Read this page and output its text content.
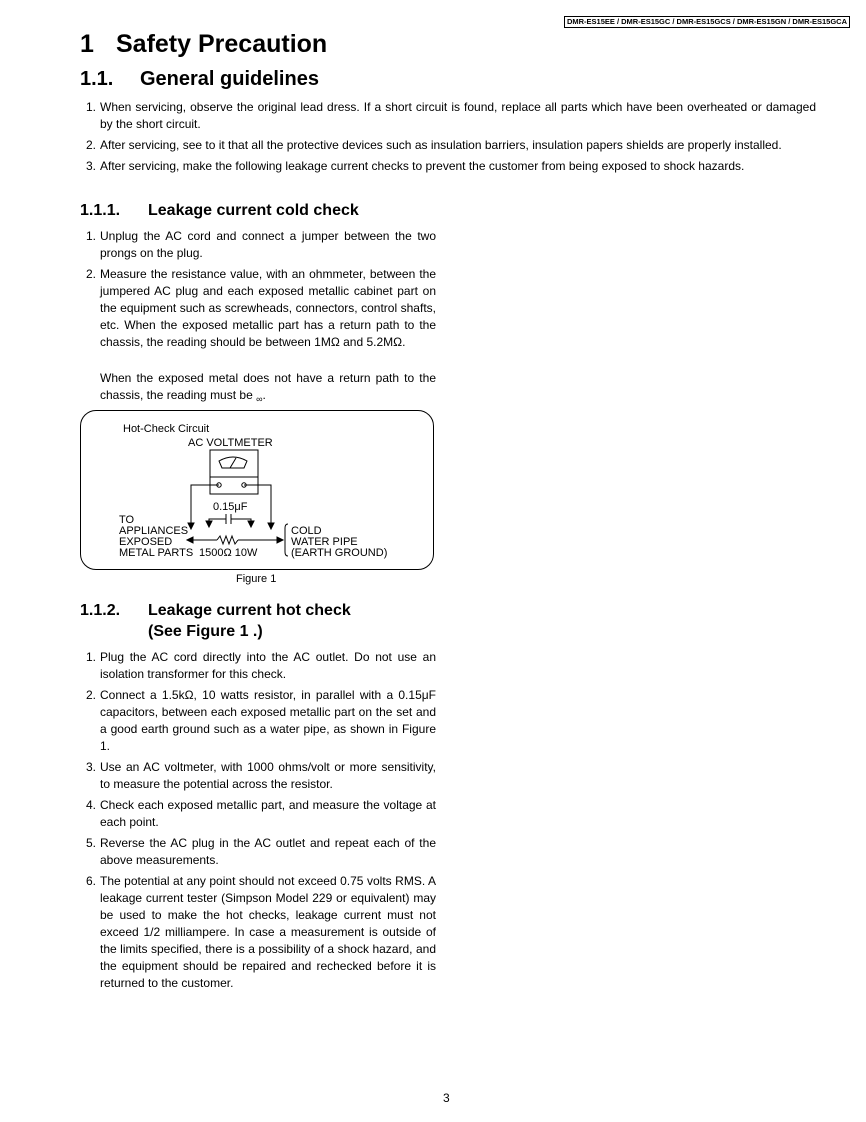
DMR-ES15EE / DMR-ES15GC / DMR-ES15GCS / DMR-ES15GN / DMR-ES15GCA
1 Safety Precaution
1.1. General guidelines
1. When servicing, observe the original lead dress. If a short circuit is found, replace all parts which have been overheated or damaged by the short circuit.
2. After servicing, see to it that all the protective devices such as insulation barriers, insulation papers shields are properly installed.
3. After servicing, make the following leakage current checks to prevent the customer from being exposed to shock hazards.
1.1.1. Leakage current cold check
1. Unplug the AC cord and connect a jumper between the two prongs on the plug.
2. Measure the resistance value, with an ohmmeter, between the jumpered AC plug and each exposed metallic cabinet part on the equipment such as screwheads, connectors, control shafts, etc. When the exposed metallic part has a return path to the chassis, the reading should be between 1MΩ and 5.2MΩ.

When the exposed metal does not have a return path to the chassis, the reading must be $_\infty$.

Hot-Check Circuit
AC VOLTMETER
0.15μF
TO
APPLIANCES
EXPOSED
METAL PARTS 1500Ω 10W
COLD
WATER PIPE
(EARTH GROUND)
Figure 1
1.1.2. Leakage current hot check
(See Figure 1 .)
1. Plug the AC cord directly into the AC outlet. Do not use an isolation transformer for this check.
2. Connect a 1.5kΩ, 10 watts resistor, in parallel with a 0.15μF capacitors, between each exposed metallic part on the set and a good earth ground such as a water pipe, as shown in Figure 1.
3. Use an AC voltmeter, with 1000 ohms/volt or more sensitivity, to measure the potential across the resistor.
4. Check each exposed metallic part, and measure the voltage at each point.
5. Reverse the AC plug in the AC outlet and repeat each of the above measurements.
6. The potential at any point should not exceed 0.75 volts RMS. A leakage current tester (Simpson Model 229 or equivalent) may be used to make the hot checks, leakage current must not exceed 1/2 milliampere. In case a measurement is outside of the limits specified, there is a possibility of a shock hazard, and the equipment should be repaired and rechecked before it is returned to the customer.
3
